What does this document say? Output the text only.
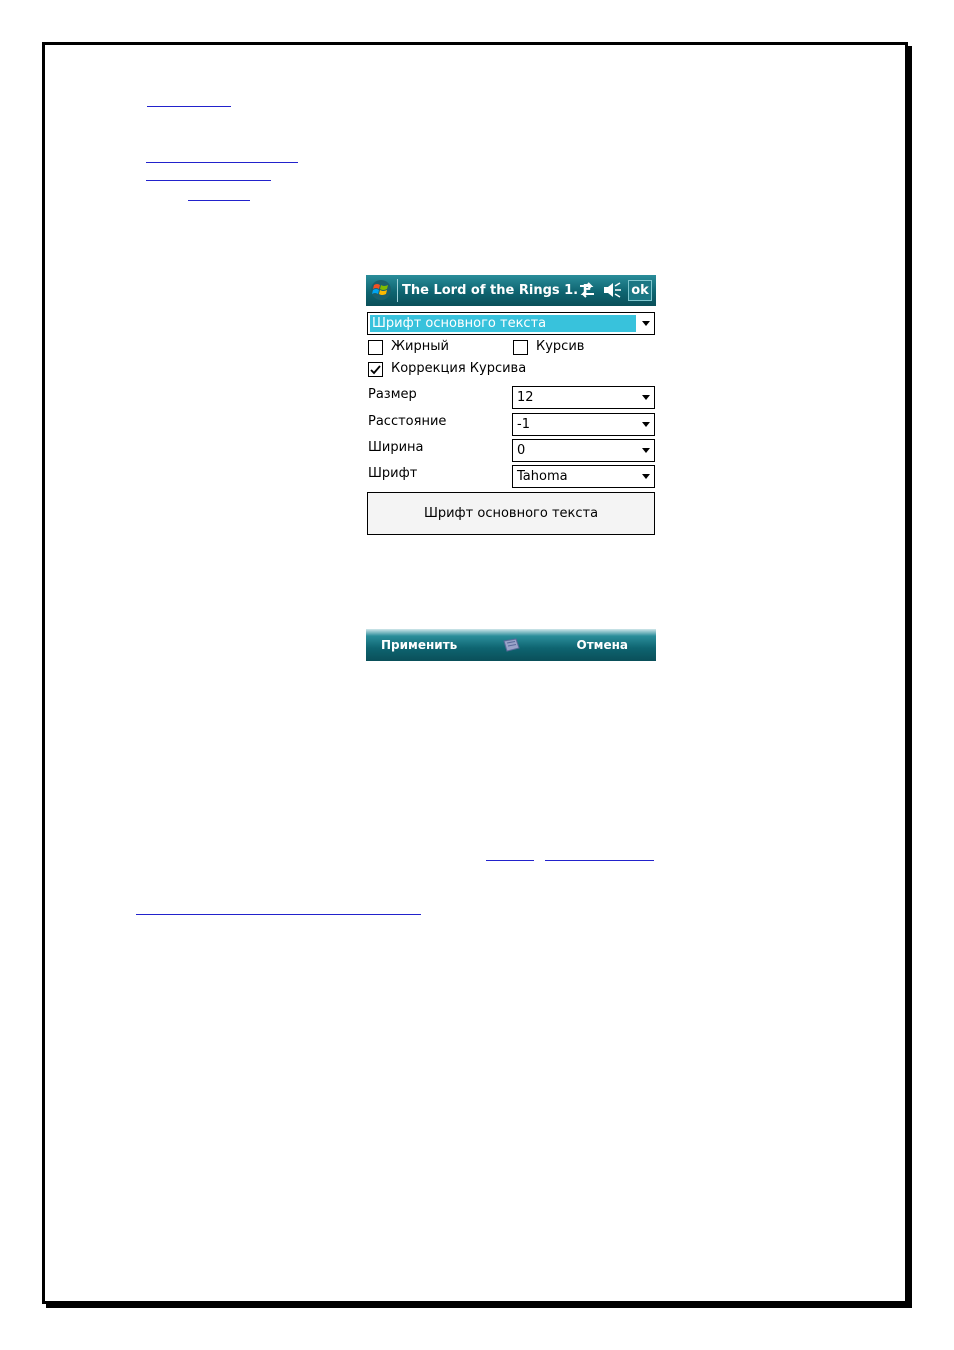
The Lord of the Rings 1. F	ok
Шрифт основного текста
Жирный	Курсив
Коррекция Курсива
Размер	12
Расстояние	-1
Ширина	0
Шрифт	Tahoma
Шрифт основного текста
Применить	Отмена
